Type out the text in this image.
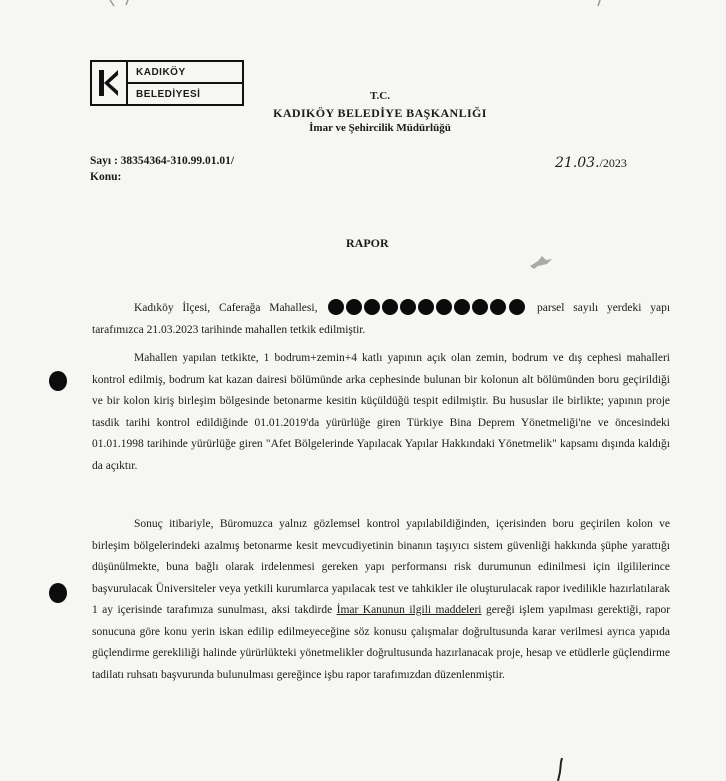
KADIKÖY
BELEDİYESİ	T.C.
KADIKÖY BELEDİYE BAŞKANLIĞI
İmar ve Şehircilik Müdürlüğü
Sayı : 38354364-310.99.01.01/
Konu:
21.03./2023
RAPOR

Kadıköy İlçesi, Caferağa Mahallesi,	parsel sayılı yerdeki yapı tarafımızca 21.03.2023 tarihinde mahallen tetkik edilmiştir.

Mahallen yapılan tetkikte, 1 bodrum+zemin+4 katlı yapının açık olan zemin, bodrum ve dış cephesi mahalleri kontrol edilmiş, bodrum kat kazan dairesi bölümünde arka cephesinde bulunan bir kolonun alt bölümünden boru geçirildiği ve bir kolon kiriş birleşim bölgesinde betonarme kesitin küçüldüğü tespit edilmiştir. Bu hususlar ile birlikte; yapının proje tasdik tarihi kontrol edildiğinde 01.01.2019'da yürürlüğe giren Türkiye Bina Deprem Yönetmeliği'ne ve öncesindeki 01.01.1998 tarihinde yürürlüğe giren "Afet Bölgelerinde Yapılacak Yapılar Hakkındaki Yönetmelik" kapsamı dışında kaldığı da açıktır.

Sonuç itibariyle, Büromuzca yalnız gözlemsel kontrol yapılabildiğinden, içerisinden boru geçirilen kolon ve birleşim bölgelerindeki azalmış betonarme kesit mevcudiyetinin binanın taşıyıcı sistem güvenliği hakkında şüphe yarattığı düşünülmekte, buna bağlı olarak irdelenmesi gereken yapı performansı risk durumunun edinilmesi için ilgililerince başvurulacak Üniversiteler veya yetkili kurumlarca yapılacak test ve tahkikler ile oluşturulacak rapor ivedilikle hazırlatılarak 1 ay içerisinde tarafımıza sunulması, aksi takdirde İmar Kanunun ilgili maddeleri gereği işlem yapılması gerektiği, rapor sonucuna göre konu yerin iskan edilip edilmeyeceğine söz konusu çalışmalar doğrultusunda karar verilmesi ayrıca yapıda güçlendirme gerekliliği halinde yürürlükteki yönetmelikler doğrultusunda hazırlanacak proje, hesap ve etüdlerle güçlendirme tadilatı ruhsatı başvurunda bulunulması gereğince işbu rapor tarafımızdan düzenlenmiştir.
